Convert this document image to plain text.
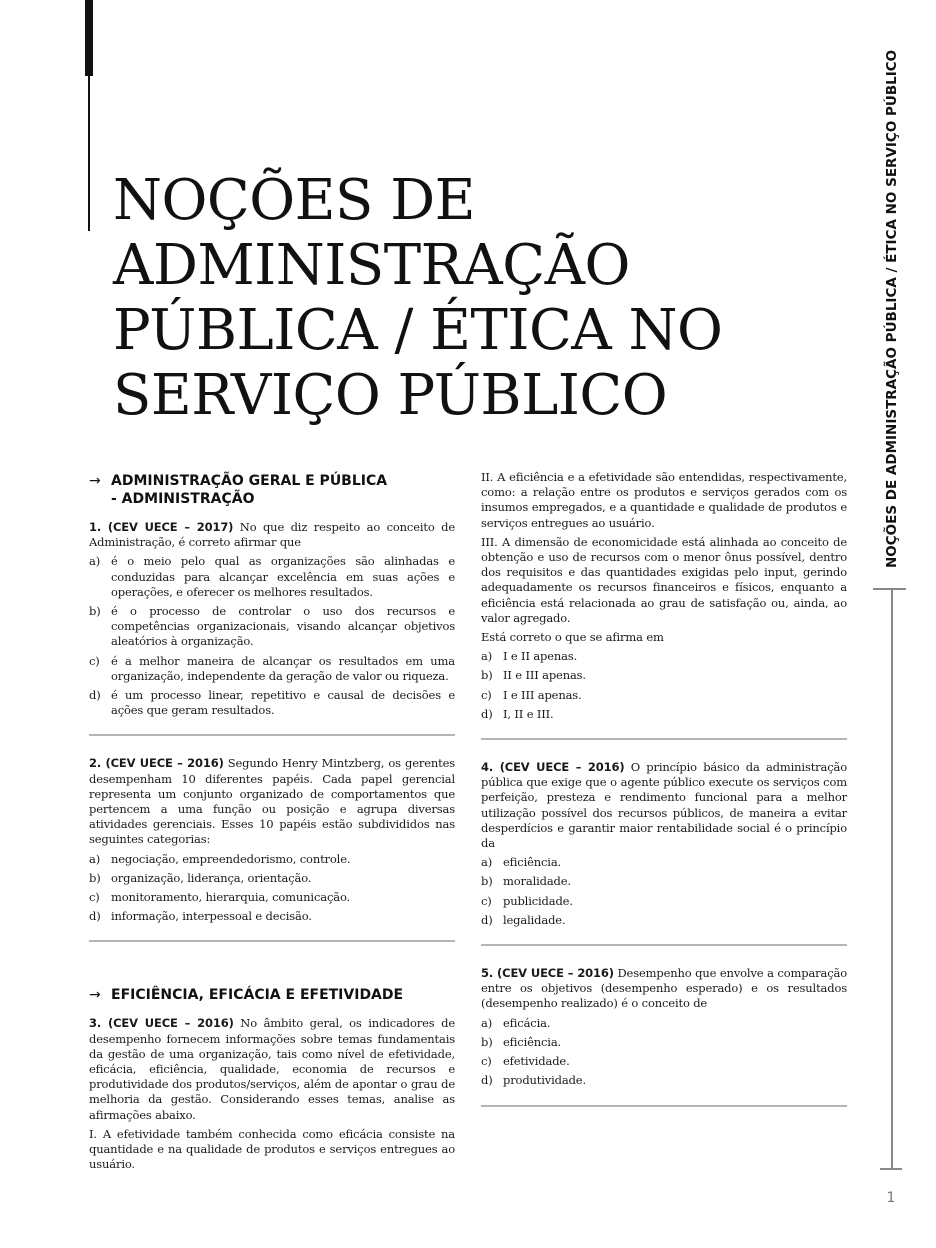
NOÇÕES DE
ADMINISTRAÇÃO
PÚBLICA / ÉTICA NO
SERVIÇO PÚBLICO	NOÇÕES DE ADMINISTRAÇÃO PÚBLICA / ÉTICA NO SERVIÇO PÚBLICO
1
→ ADMINISTRAÇÃO GERAL E PÚBLICA
- ADMINISTRAÇÃO

1. (CEV UECE – 2017) No que diz respeito ao conceito de Administração, é correto afirmar que

a) é o meio pelo qual as organizações são alinhadas e conduzidas para alcançar excelência em suas ações e operações, e oferecer os melhores resultados.
b) é o processo de controlar o uso dos recursos e competências organizacionais, visando alcançar objetivos aleatórios à organização.
c) é a melhor maneira de alcançar os resultados em uma organização, independente da geração de valor ou riqueza.
d) é um processo linear, repetitivo e causal de decisões e ações que geram resultados.

2. (CEV UECE – 2016) Segundo Henry Mintzberg, os gerentes desempenham 10 diferentes papéis. Cada papel gerencial representa um conjunto organizado de comportamentos que pertencem a uma função ou posição e agrupa diversas atividades gerenciais. Esses 10 papéis estão subdivididos nas seguintes categorias:

a) negociação, empreendedorismo, controle.
b) organização, liderança, orientação.
c) monitoramento, hierarquia, comunicação.
d) informação, interpessoal e decisão.
→ EFICIÊNCIA, EFICÁCIA E EFETIVIDADE

3. (CEV UECE – 2016) No âmbito geral, os indicadores de desempenho fornecem informações sobre temas fundamentais da gestão de uma organização, tais como nível de efetividade, eficácia, eficiência, qualidade, economia de recursos e produtividade dos produtos/serviços, além de apontar o grau de melhoria da gestão. Considerando esses temas, analise as afirmações abaixo.

I. A efetividade também conhecida como eficácia consiste na quantidade e na qualidade de produtos e serviços entregues ao usuário.

II. A eficiência e a efetividade são entendidas, respectivamente, como: a relação entre os produtos e serviços gerados com os insumos empregados, e a quantidade e qualidade de produtos e serviços entregues ao usuário.

III. A dimensão de economicidade está alinhada ao conceito de obtenção e uso de recursos com o menor ônus possível, dentro dos requisitos e das quantidades exigidas pelo input, gerindo adequadamente os recursos financeiros e físicos, enquanto a eficiência está relacionada ao grau de satisfação ou, ainda, ao valor agregado.

Está correto o que se afirma em

a) I e II apenas.
b) II e III apenas.
c) I e III apenas.
d) I, II e III.

4. (CEV UECE – 2016) O princípio básico da administração pública que exige que o agente público execute os serviços com perfeição, presteza e rendimento funcional para a melhor utilização possível dos recursos públicos, de maneira a evitar desperdícios e garantir maior rentabilidade social é o princípio da

a) eficiência.
b) moralidade.
c) publicidade.
d) legalidade.

5. (CEV UECE – 2016) Desempenho que envolve a comparação entre os objetivos (desempenho esperado) e os resultados (desempenho realizado) é o conceito de

a) eficácia.
b) eficiência.
c) efetividade.
d) produtividade.
